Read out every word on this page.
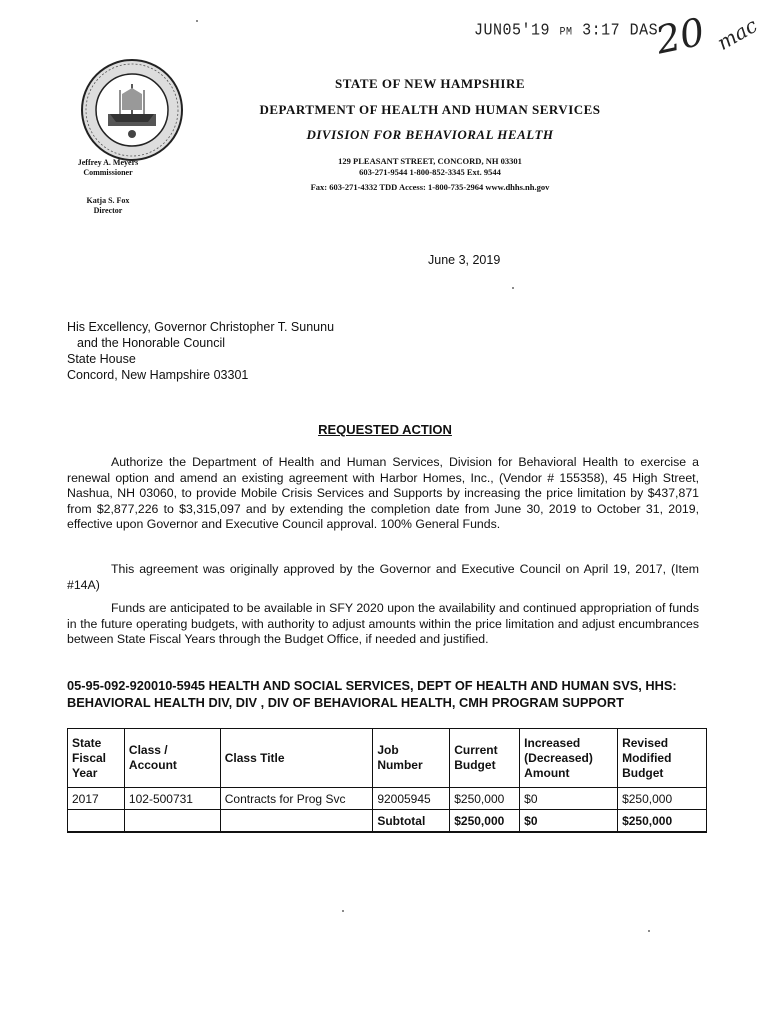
JUN05'19 PM 3:17 DAS
20 mac
STATE OF NEW HAMPSHIRE
DEPARTMENT OF HEALTH AND HUMAN SERVICES
DIVISION FOR BEHAVIORAL HEALTH
129 PLEASANT STREET, CONCORD, NH 03301
603-271-9544 1-800-852-3345 Ext. 9544
Fax: 603-271-4332 TDD Access: 1-800-735-2964 www.dhhs.nh.gov
Jeffrey A. Meyers
Commissioner
Katja S. Fox
Director
June 3, 2019
His Excellency, Governor Christopher T. Sununu
and the Honorable Council
State House
Concord, New Hampshire 03301
REQUESTED ACTION
Authorize the Department of Health and Human Services, Division for Behavioral Health to exercise a renewal option and amend an existing agreement with Harbor Homes, Inc., (Vendor # 155358), 45 High Street, Nashua, NH 03060, to provide Mobile Crisis Services and Supports by increasing the price limitation by $437,871 from $2,877,226 to $3,315,097 and by extending the completion date from June 30, 2019 to October 31, 2019, effective upon Governor and Executive Council approval. 100% General Funds.
This agreement was originally approved by the Governor and Executive Council on April 19, 2017, (Item #14A)
Funds are anticipated to be available in SFY 2020 upon the availability and continued appropriation of funds in the future operating budgets, with authority to adjust amounts within the price limitation and adjust encumbrances between State Fiscal Years through the Budget Office, if needed and justified.
05-95-092-920010-5945 HEALTH AND SOCIAL SERVICES, DEPT OF HEALTH AND HUMAN SVS, HHS: BEHAVIORAL HEALTH DIV, DIV , DIV OF BEHAVIORAL HEALTH, CMH PROGRAM SUPPORT
State Fiscal Year	Class / Account	Class Title	Job Number	Current Budget	Increased (Decreased) Amount	Revised Modified Budget
2017	102-500731	Contracts for Prog Svc	92005945	$250,000	$0	$250,000
			Subtotal	$250,000	$0	$250,000
